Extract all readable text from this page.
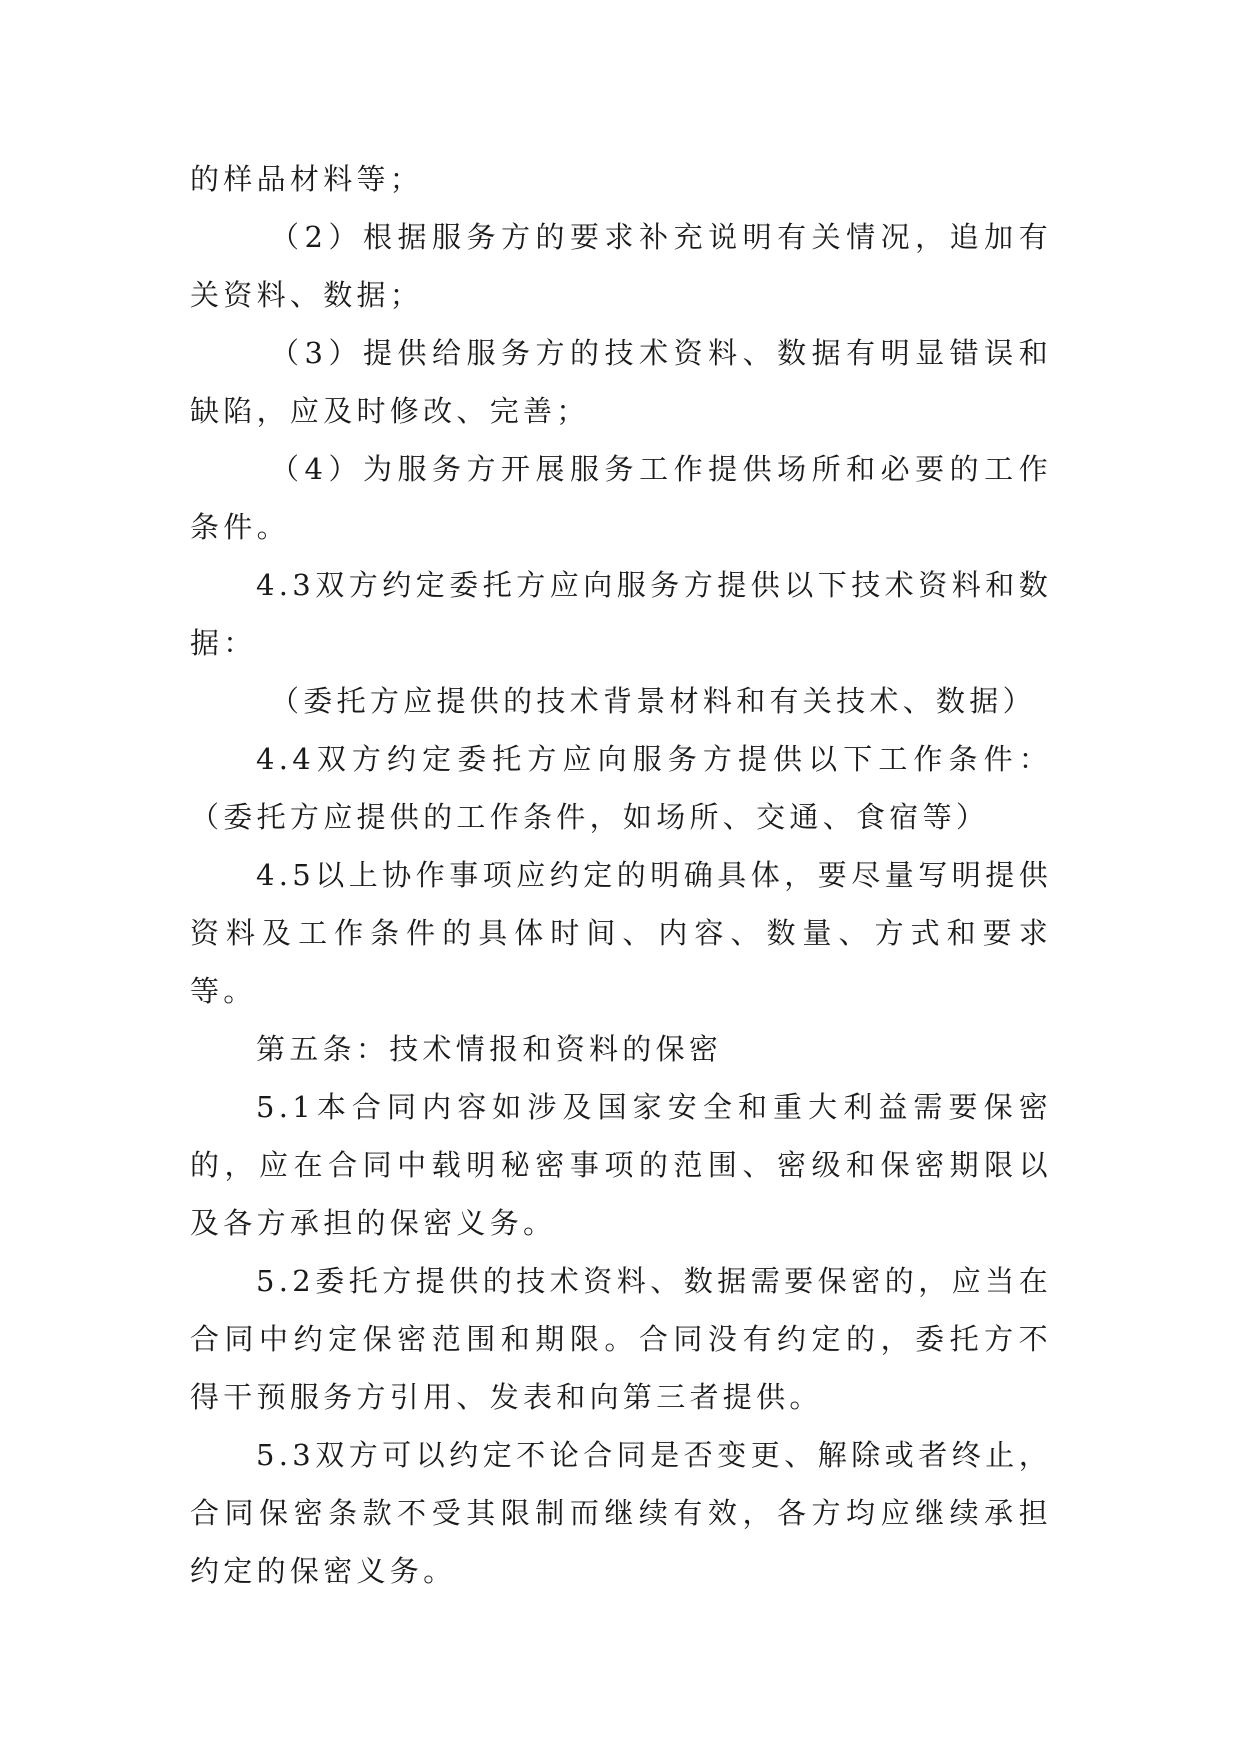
的样品材料等；

（2）根据服务方的要求补充说明有关情况，追加有关资料、数据；

（3）提供给服务方的技术资料、数据有明显错误和缺陷，应及时修改、完善；

（4）为服务方开展服务工作提供场所和必要的工作条件。

4.3双方约定委托方应向服务方提供以下技术资料和数据：

（委托方应提供的技术背景材料和有关技术、数据）

4.4双方约定委托方应向服务方提供以下工作条件：（委托方应提供的工作条件，如场所、交通、食宿等）

4.5以上协作事项应约定的明确具体，要尽量写明提供资料及工作条件的具体时间、内容、数量、方式和要求等。

第五条：技术情报和资料的保密

5.1本合同内容如涉及国家安全和重大利益需要保密的，应在合同中载明秘密事项的范围、密级和保密期限以及各方承担的保密义务。

5.2委托方提供的技术资料、数据需要保密的，应当在合同中约定保密范围和期限。合同没有约定的，委托方不得干预服务方引用、发表和向第三者提供。

5.3双方可以约定不论合同是否变更、解除或者终止，合同保密条款不受其限制而继续有效，各方均应继续承担约定的保密义务。
